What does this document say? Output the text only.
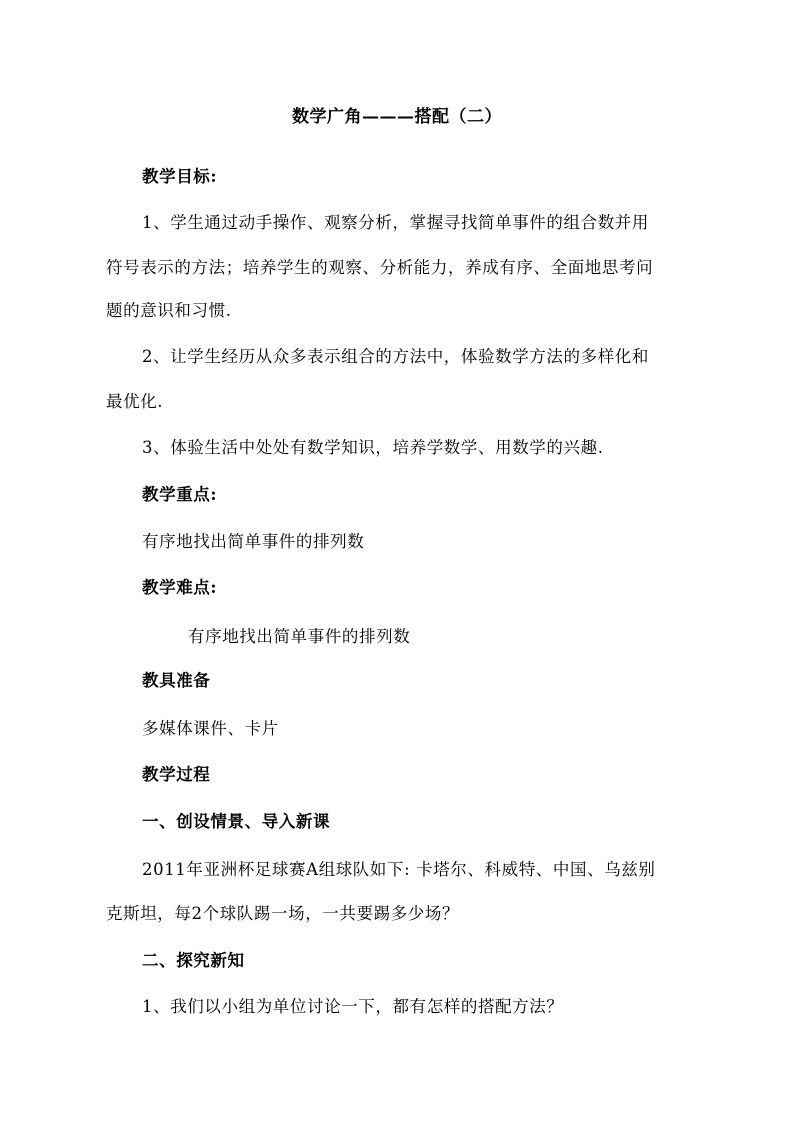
数学广角———搭配（二）
教学目标:
1、学生通过动手操作、观察分析，掌握寻找简单事件的组合数并用
符号表示的方法；培养学生的观察、分析能力，养成有序、全面地思考问
题的意识和习惯.
2、让学生经历从众多表示组合的方法中，体验数学方法的多样化和
最优化.
3、体验生活中处处有数学知识，培养学数学、用数学的兴趣.
教学重点:
有序地找出简单事件的排列数
教学难点:
有序地找出简单事件的排列数
教具准备
多媒体课件、卡片
教学过程
一、创设情景、导入新课
2011年亚洲杯足球赛A组球队如下: 卡塔尔、科威特、中国、乌兹别
克斯坦，每2个球队踢一场，一共要踢多少场？
二、探究新知
1、我们以小组为单位讨论一下，都有怎样的搭配方法？
